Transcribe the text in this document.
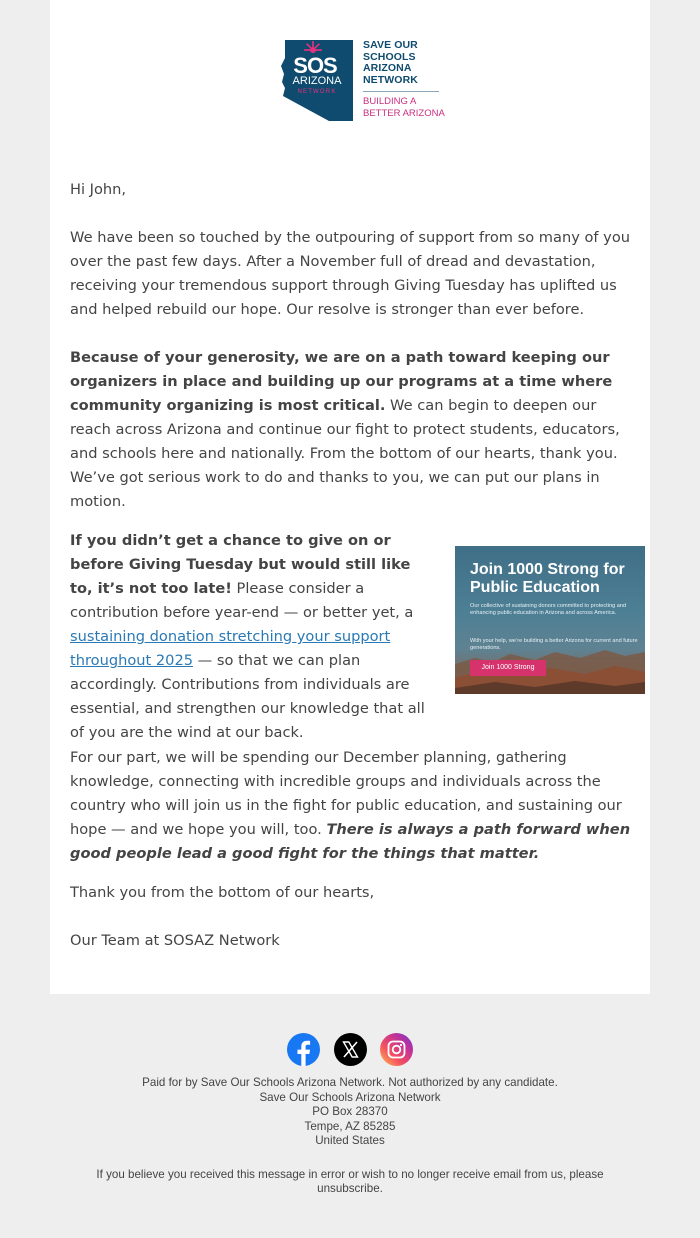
SOS
ARIZONA
NETWORK
SAVE OUR
SCHOOLS
ARIZONA
NETWORK
BUILDING A
BETTER ARIZONA

Hi John,

We have been so touched by the outpouring of support from so many of you over the past few days. After a November full of dread and devastation, receiving your tremendous support through Giving Tuesday has uplifted us and helped rebuild our hope. Our resolve is stronger than ever before.

Because of your generosity, we are on a path toward keeping our organizers in place and building up our programs at a time where community organizing is most critical. We can begin to deepen our reach across Arizona and continue our fight to protect students, educators, and schools here and nationally. From the bottom of our hearts, thank you. We’ve got serious work to do and thanks to you, we can put our plans in motion.

If you didn’t get a chance to give on or before Giving Tuesday but would still like to, it’s not too late! Please consider a contribution before year-end — or better yet, a sustaining donation stretching your support throughout 2025 — so that we can plan accordingly. Contributions from individuals are essential, and strengthen our knowledge that all of you are the wind at our back.

Join 1000 Strong for
Public Education
Our collective of sustaining donors committed to protecting and enhancing public education in Arizona and across America.
With your help, we’re building a better Arizona for current and future generations.
Join 1000 Strong

For our part, we will be spending our December planning, gathering knowledge, connecting with incredible groups and individuals across the country who will join us in the fight for public education, and sustaining our hope — and we hope you will, too. There is always a path forward when good people lead a good fight for the things that matter.

Thank you from the bottom of our hearts,

Our Team at SOSAZ Network

Paid for by Save Our Schools Arizona Network. Not authorized by any candidate.
Save Our Schools Arizona Network
PO Box 28370
Tempe, AZ 85285
United States
If you believe you received this message in error or wish to no longer receive email from us, please unsubscribe.
